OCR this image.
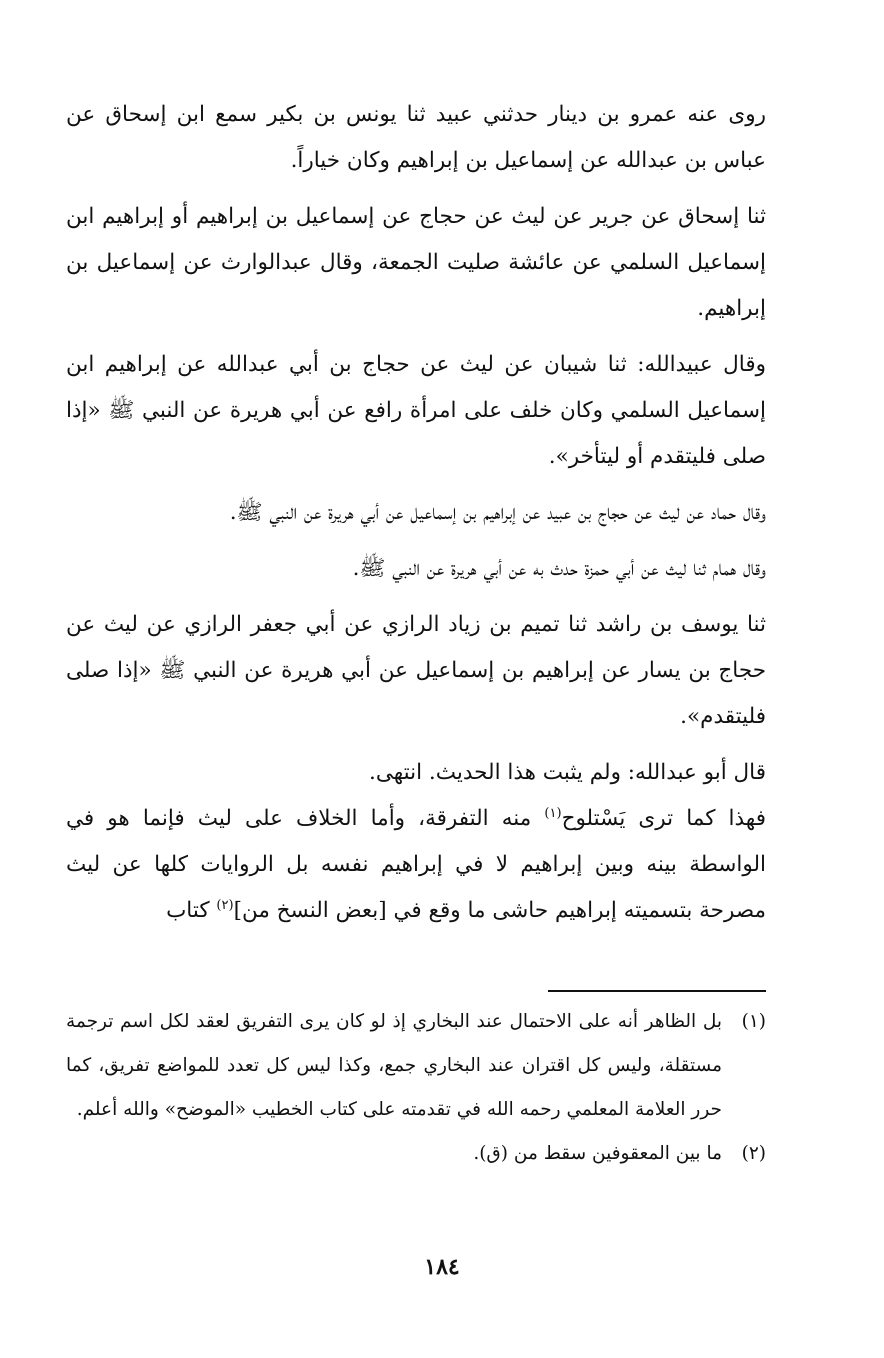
روى عنه عمرو بن دينار حدثني عبيد ثنا يونس بن بكير سمع ابن إسحاق عن عباس بن عبدالله عن إسماعيل بن إبراهيم وكان خياراً.

ثنا إسحاق عن جرير عن ليث عن حجاج عن إسماعيل بن إبراهيم أو إبراهيم ابن إسماعيل السلمي عن عائشة صليت الجمعة، وقال عبدالوارث عن إسماعيل بن إبراهيم.

وقال عبيدالله: ثنا شيبان عن ليث عن حجاج بن أبي عبدالله عن إبراهيم ابن إسماعيل السلمي وكان خلف على امرأة رافع عن أبي هريرة عن النبي ﷺ «إذا صلى فليتقدم أو ليتأخر».

وقال حماد عن ليث عن حجاج بن عبيد عن إبراهيم بن إسماعيل عن أبي هريرة عن النبي ﷺ.

وقال همام ثنا ليث عن أبي حمزة حدث به عن أبي هريرة عن النبي ﷺ.

ثنا يوسف بن راشد ثنا تميم بن زياد الرازي عن أبي جعفر الرازي عن ليث عن حجاج بن يسار عن إبراهيم بن إسماعيل عن أبي هريرة عن النبي ﷺ «إذا صلى فليتقدم».

قال أبو عبدالله: ولم يثبت هذا الحديث. انتهى.

فهذا كما ترى يَسْتلوح$^{(١)}$ منه التفرقة، وأما الخلاف على ليث فإنما هو في الواسطة بينه وبين إبراهيم لا في إبراهيم نفسه بل الروايات كلها عن ليث مصرحة بتسميته إبراهيم حاشى ما وقع في [بعض النسخ من]$^{(٢)}$ كتاب

(١)
بل الظاهر أنه على الاحتمال عند البخاري إذ لو كان يرى التفريق لعقد لكل اسم ترجمة مستقلة، وليس كل اقتران عند البخاري جمع، وكذا ليس كل تعدد للمواضع تفريق، كما حرر العلامة المعلمي رحمه الله في تقدمته على كتاب الخطيب «الموضح» والله أعلم.

(٢)
ما بين المعقوفين سقط من (ق).

١٨٤
